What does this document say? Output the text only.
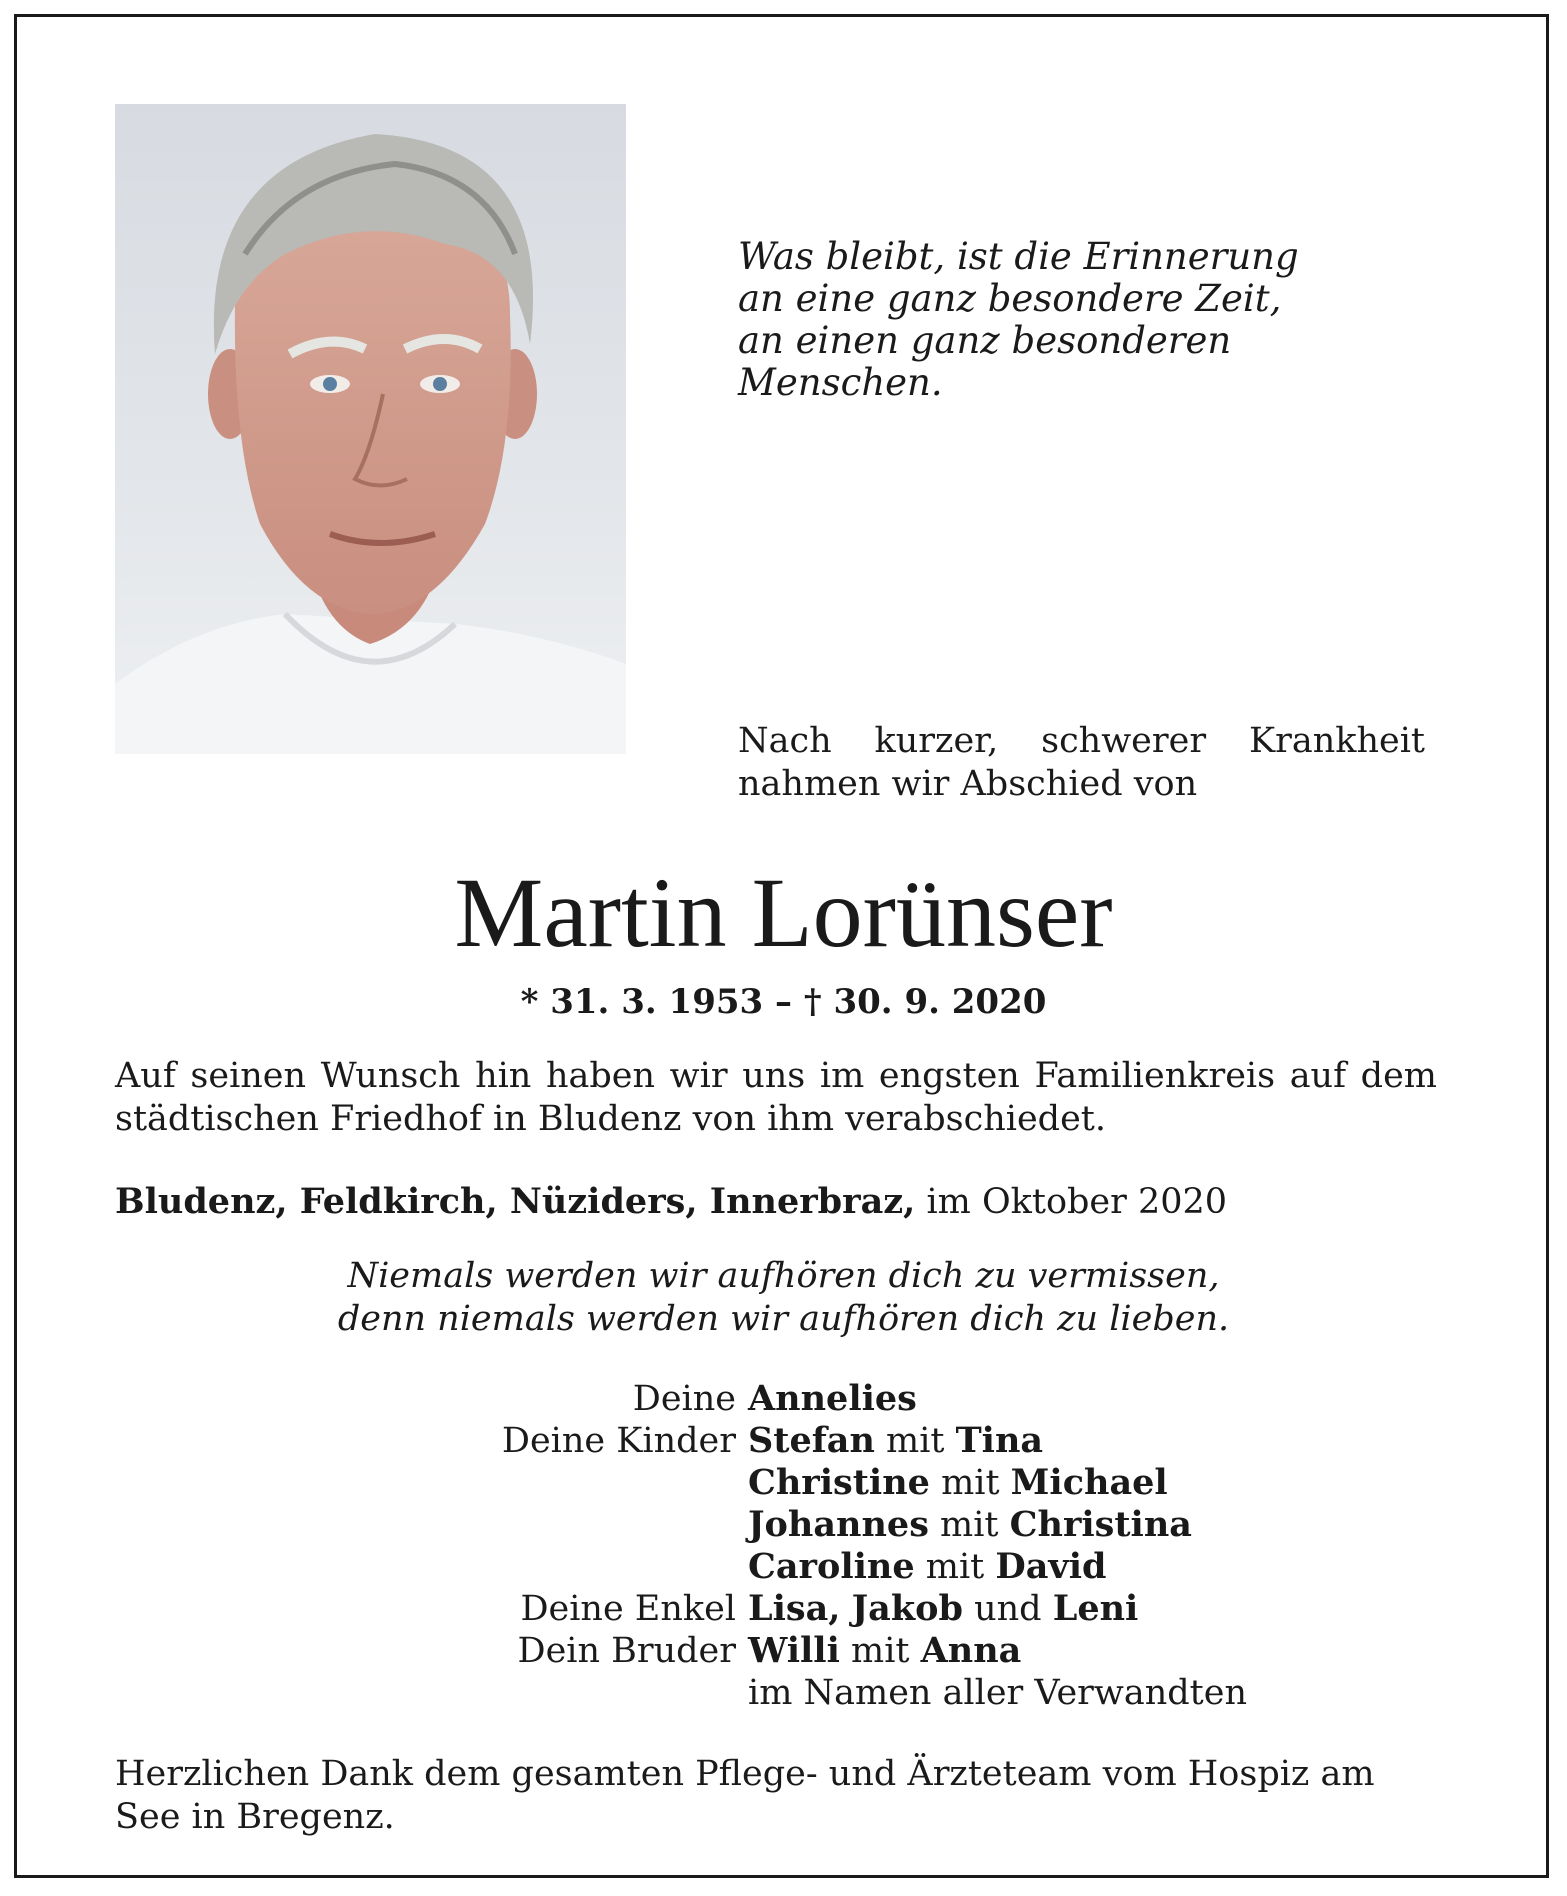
Was bleibt, ist die Erinnerung
an eine ganz besondere Zeit,
an einen ganz besonderen Menschen.
Nach kurzer, schwerer Krankheit nahmen wir Abschied von
Martin Lorünser
* 31. 3. 1953 – † 30. 9. 2020
Auf seinen Wunsch hin haben wir uns im engsten Familienkreis auf dem städtischen Friedhof in Bludenz von ihm verabschiedet.
Bludenz, Feldkirch, Nüziders, Innerbraz, im Oktober 2020
Niemals werden wir aufhören dich zu vermissen,
denn niemals werden wir aufhören dich zu lieben.
Deine Annelies
Deine Kinder Stefan mit Tina
Christine mit Michael
Johannes mit Christina
Caroline mit David
Deine Enkel Lisa, Jakob und Leni
Dein Bruder Willi mit Anna
im Namen aller Verwandten
Herzlichen Dank dem gesamten Pflege- und Ärzteteam vom Hospiz am See in Bregenz.
